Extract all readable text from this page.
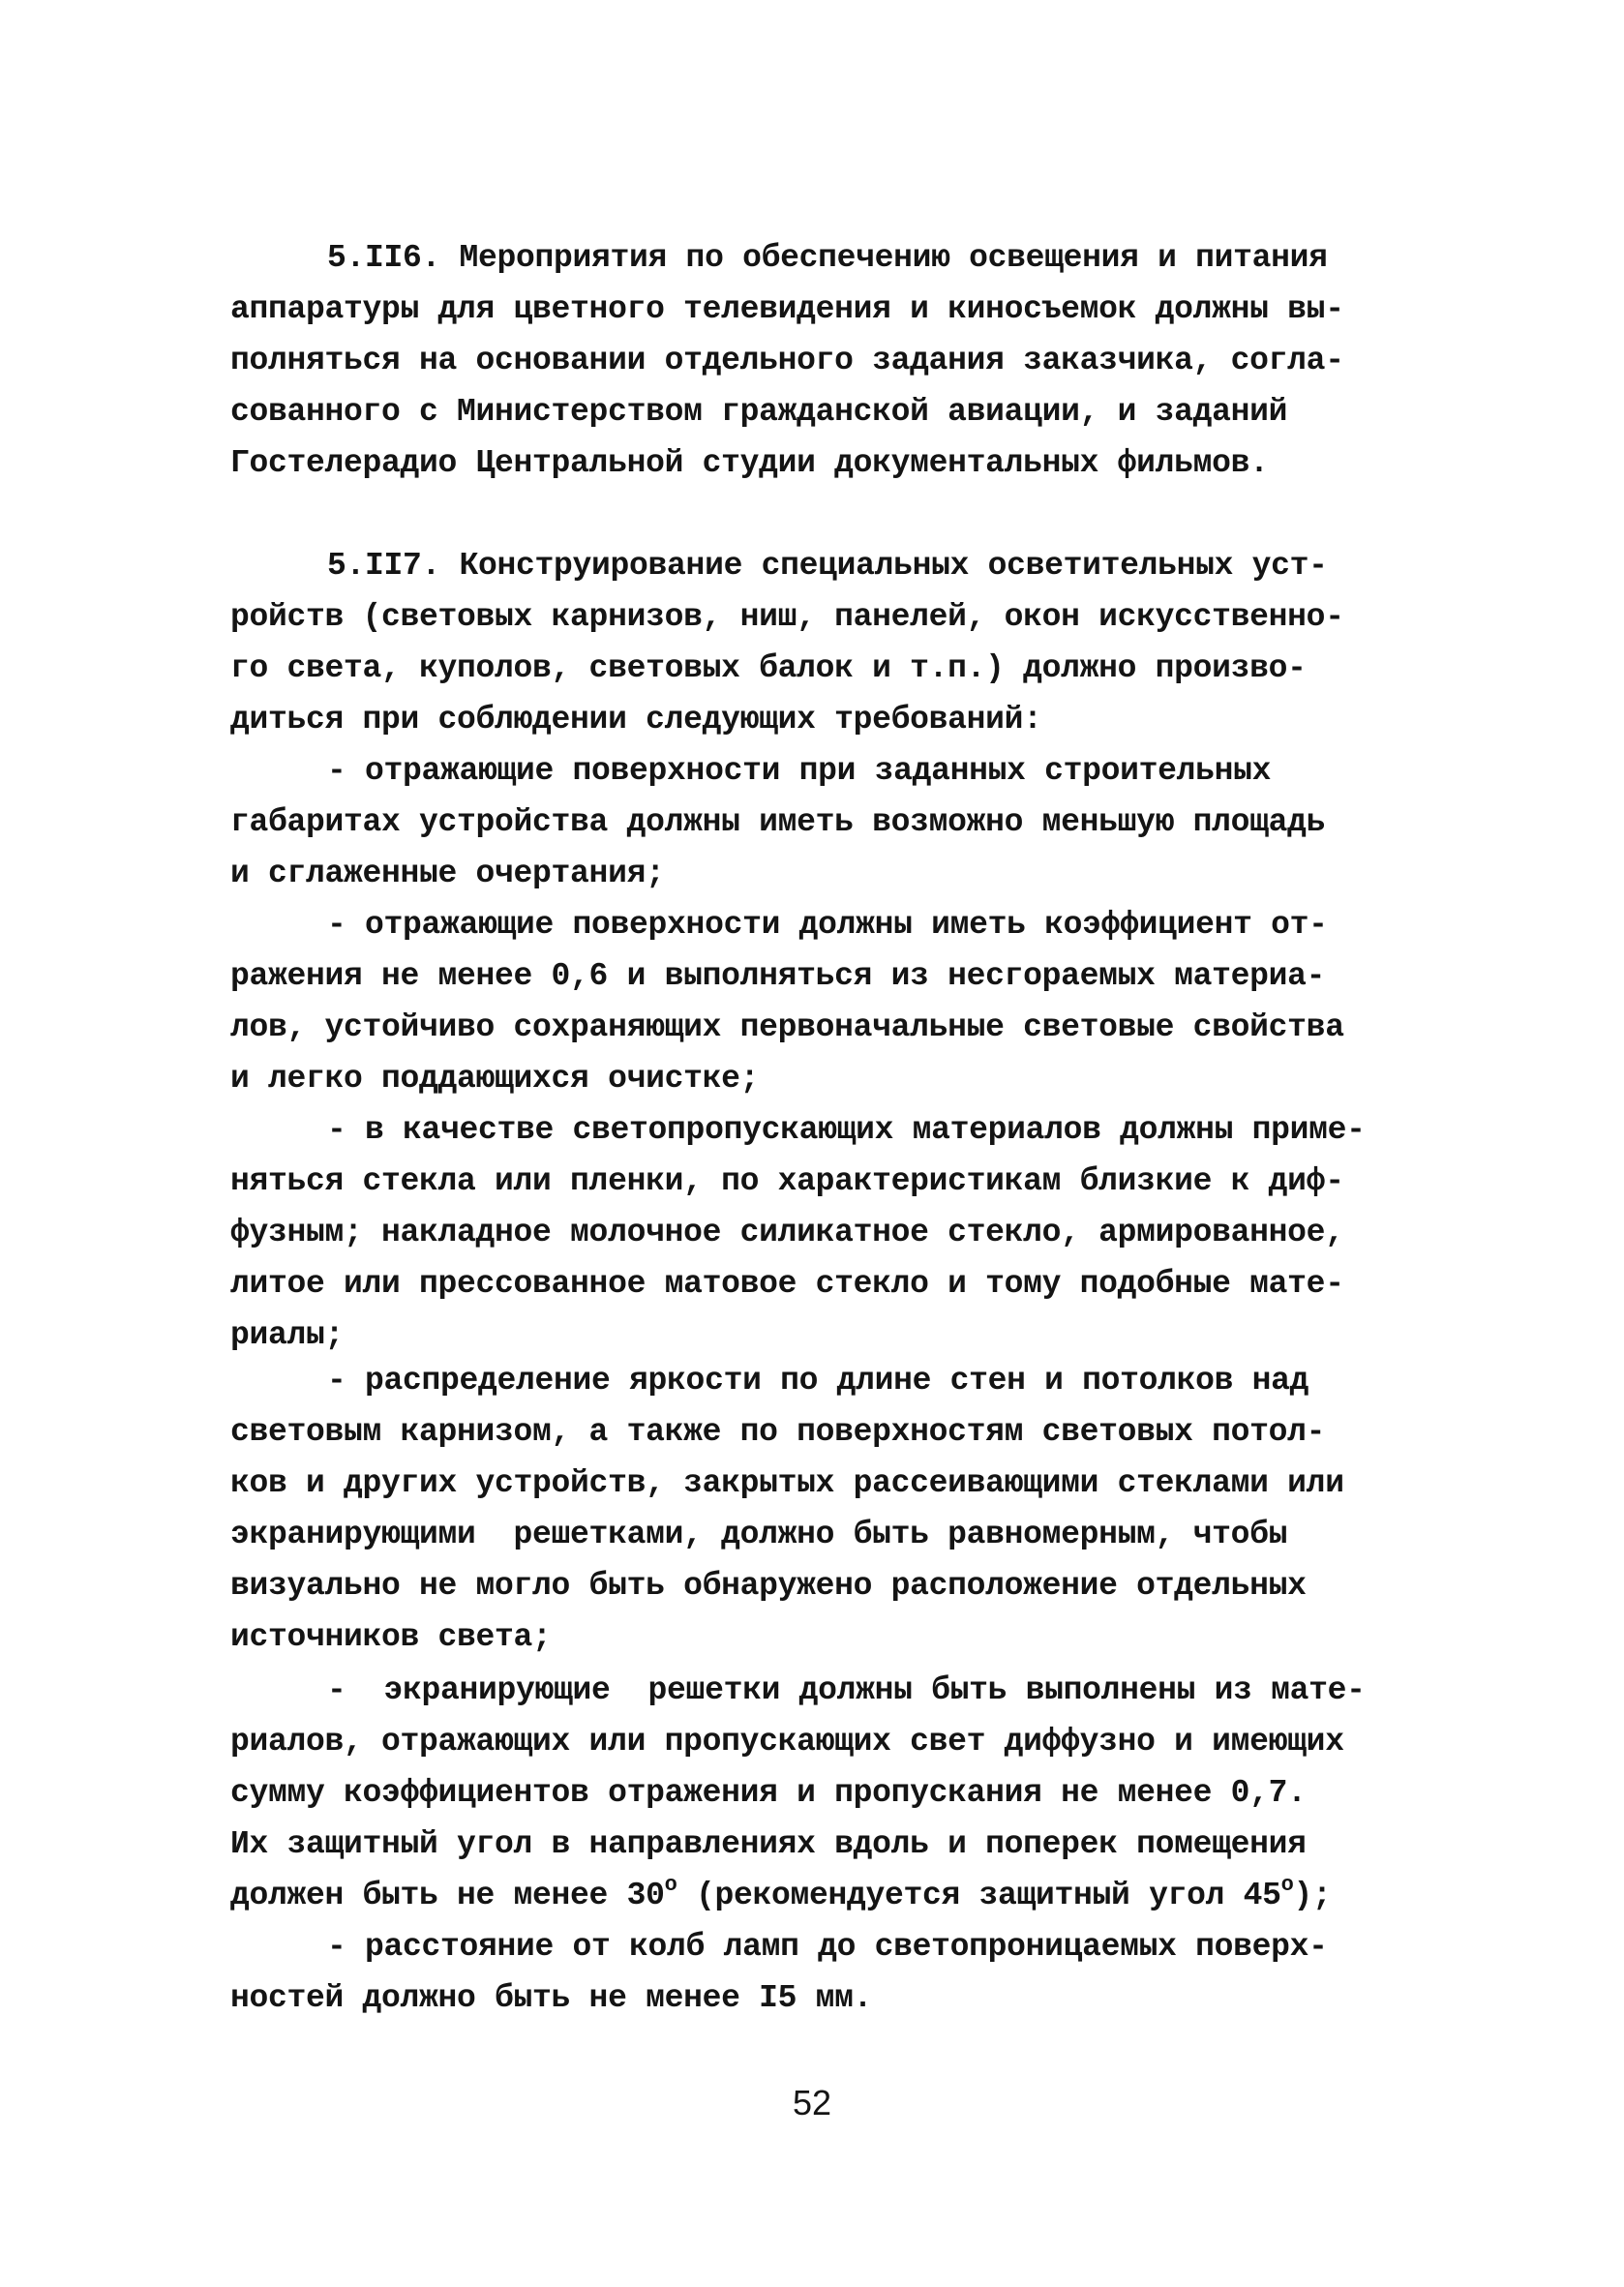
5.II6. Мероприятия по обеспечению освещения и питания
аппаратуры для цветного телевидения и киносъемок должны вы-
полняться на основании отдельного задания заказчика, согла-
сованного с Министерством гражданской авиации, и заданий
Гостелерадио Центральной студии документальных фильмов.
5.II7. Конструирование специальных осветительных уст-
ройств (световых карнизов, ниш, панелей, окон искусственно-
го света, куполов, световых балок и т.п.) должно произво-
диться при соблюдении следующих требований:
- отражающие поверхности при заданных строительных
габаритах устройства должны иметь возможно меньшую площадь
и сглаженные очертания;
- отражающие поверхности должны иметь коэффициент от-
ражения не менее 0,6 и выполняться из несгораемых материа-
лов, устойчиво сохраняющих первоначальные световые свойства
и легко поддающихся очистке;
- в качестве светопропускающих материалов должны приме-
няться стекла или пленки, по характеристикам близкие к диф-
фузным; накладное молочное силикатное стекло, армированное,
литое или прессованное матовое стекло и тому подобные мате-
риалы;
- распределение яркости по длине стен и потолков над
световым карнизом, а также по поверхностям световых потол-
ков и других устройств, закрытых рассеивающими стеклами или
экранирующими  решетками, должно быть равномерным, чтобы
визуально не могло быть обнаружено расположение отдельных
источников света;
-  экранирующие  решетки должны быть выполнены из мате-
риалов, отражающих или пропускающих свет диффузно и имеющих
сумму коэффициентов отражения и пропускания не менее 0,7.
Их защитный угол в направлениях вдоль и поперек помещения
должен быть не менее $30^о$ (рекомендуется защитный угол $45^о$);
- расстояние от колб ламп до светопроницаемых поверх-
ностей должно быть не менее I5 мм.
52
